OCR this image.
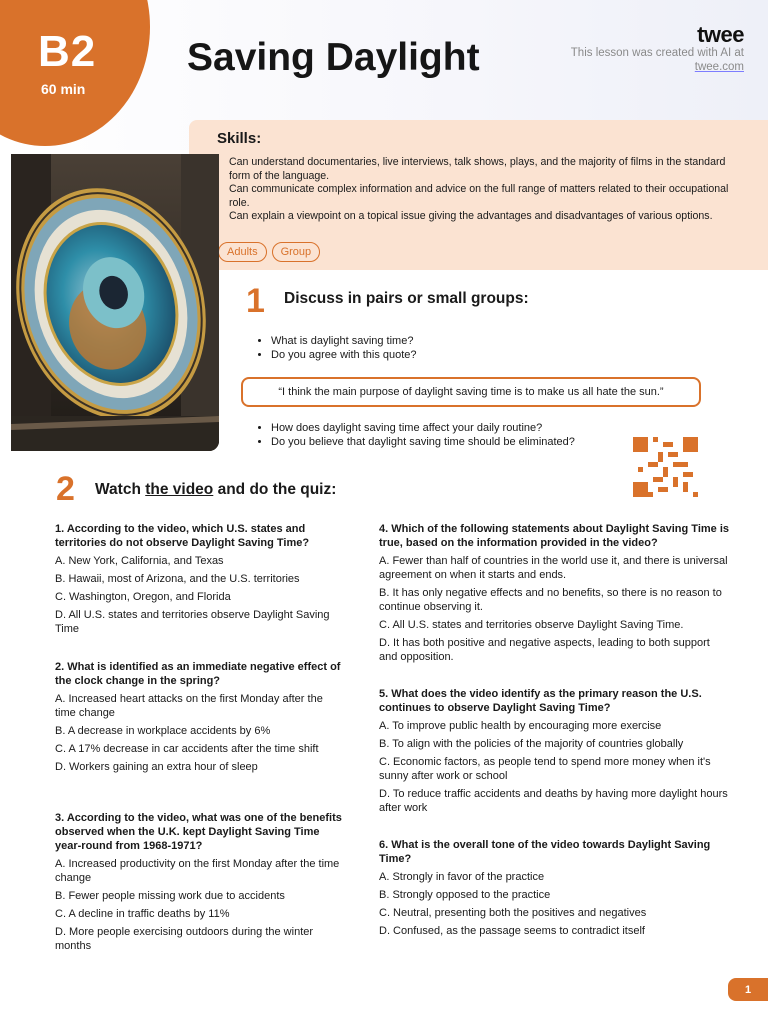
B2
60 min
Saving Daylight
twee
This lesson was created with AI at twee.com
Skills:
• Can understand documentaries, live interviews, talk shows, plays, and the majority of films in the standard form of the language.
• Can communicate complex information and advice on the full range of matters related to their occupational role.
• Can explain a viewpoint on a topical issue giving the advantages and disadvantages of various options.
Adults	Group
1 Discuss in pairs or small groups:
• What is daylight saving time?
• Do you agree with this quote?
“I think the main purpose of daylight saving time is to make us all hate the sun.”
• How does daylight saving time affect your daily routine?
• Do you believe that daylight saving time should be eliminated?
2 Watch the video and do the quiz:
1. According to the video, which U.S. states and territories do not observe Daylight Saving Time?
A. New York, California, and Texas
B. Hawaii, most of Arizona, and the U.S. territories
C. Washington, Oregon, and Florida
D. All U.S. states and territories observe Daylight Saving Time
2. What is identified as an immediate negative effect of the clock change in the spring?
A. Increased heart attacks on the first Monday after the time change
B. A decrease in workplace accidents by 6%
C. A 17% decrease in car accidents after the time shift
D. Workers gaining an extra hour of sleep
3. According to the video, what was one of the benefits observed when the U.K. kept Daylight Saving Time year-round from 1968-1971?
A. Increased productivity on the first Monday after the time change
B. Fewer people missing work due to accidents
C. A decline in traffic deaths by 11%
D. More people exercising outdoors during the winter months
4. Which of the following statements about Daylight Saving Time is true, based on the information provided in the video?
A. Fewer than half of countries in the world use it, and there is universal agreement on when it starts and ends.
B. It has only negative effects and no benefits, so there is no reason to continue observing it.
C. All U.S. states and territories observe Daylight Saving Time.
D. It has both positive and negative aspects, leading to both support and opposition.
5. What does the video identify as the primary reason the U.S. continues to observe Daylight Saving Time?
A. To improve public health by encouraging more exercise
B. To align with the policies of the majority of countries globally
C. Economic factors, as people tend to spend more money when it's sunny after work or school
D. To reduce traffic accidents and deaths by having more daylight hours after work
6. What is the overall tone of the video towards Daylight Saving Time?
A. Strongly in favor of the practice
B. Strongly opposed to the practice
C. Neutral, presenting both the positives and negatives
D. Confused, as the passage seems to contradict itself
1
